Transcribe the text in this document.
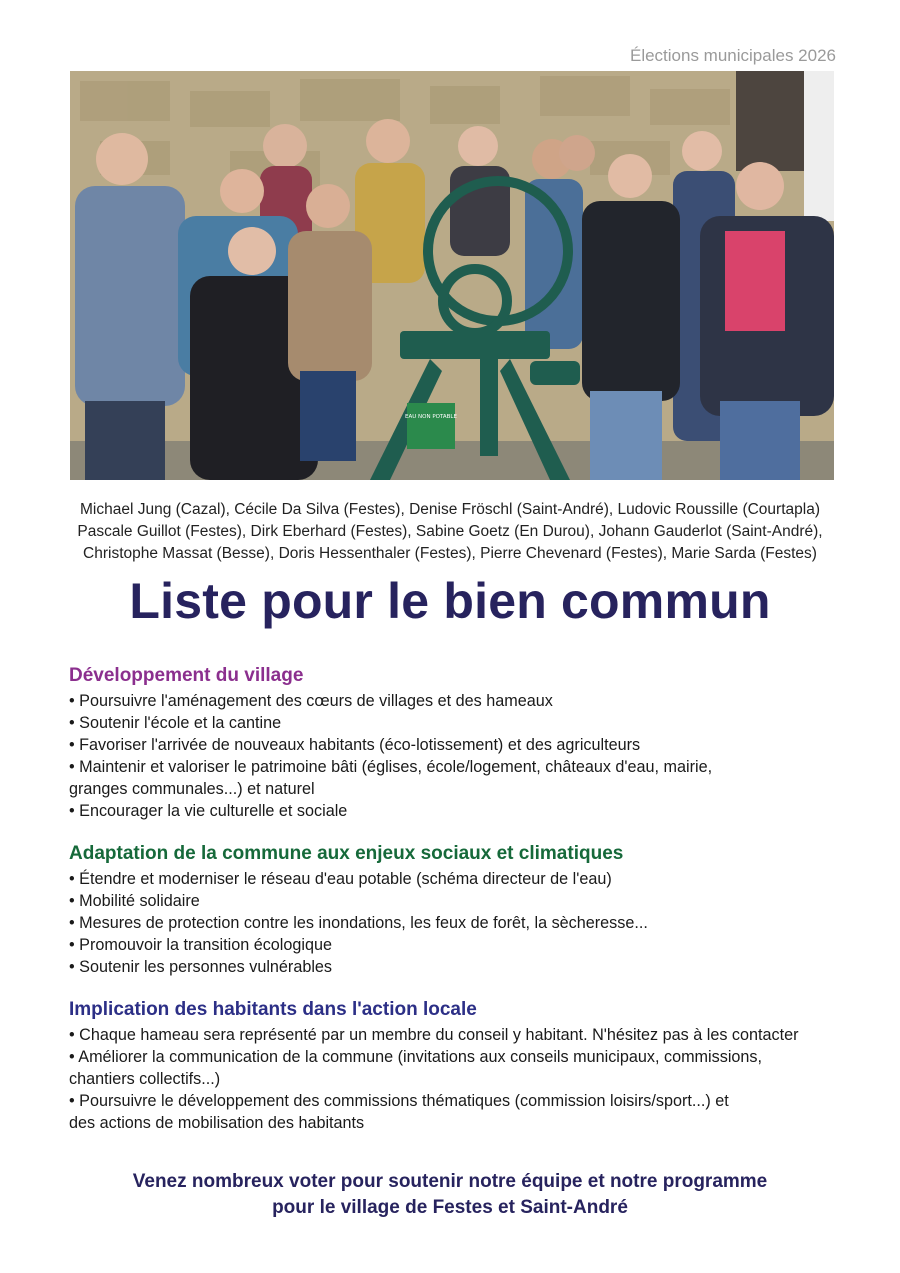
Élections municipales 2026
EAU NON POTABLE
Michael Jung (Cazal), Cécile Da Silva (Festes), Denise Fröschl (Saint-André), Ludovic Roussille (Courtapla)
Pascale Guillot (Festes), Dirk Eberhard (Festes), Sabine Goetz (En Durou), Johann Gauderlot (Saint-André),
Christophe Massat (Besse), Doris Hessenthaler (Festes), Pierre Chevenard (Festes), Marie Sarda (Festes)
Liste pour le bien commun
Développement du village
• Poursuivre l'aménagement des cœurs de villages et des hameaux
• Soutenir l'école et la cantine
• Favoriser l'arrivée de nouveaux habitants (éco-lotissement) et des agriculteurs
• Maintenir et valoriser le patrimoine bâti (églises, école/logement, châteaux d'eau, mairie,
granges communales...) et naturel
• Encourager la vie culturelle et sociale
Adaptation de la commune aux enjeux sociaux et climatiques
• Étendre et moderniser le réseau d'eau potable (schéma directeur de l'eau)
• Mobilité solidaire
• Mesures de protection contre les inondations, les feux de forêt, la sècheresse...
• Promouvoir la transition écologique
• Soutenir les personnes vulnérables
Implication des habitants dans l'action locale
• Chaque hameau sera représenté par un membre du conseil y habitant. N'hésitez pas à les contacter
• Améliorer la communication de la commune (invitations aux conseils municipaux, commissions,
chantiers collectifs...)
• Poursuivre le développement des commissions thématiques (commission loisirs/sport...) et
des actions de mobilisation des habitants
Venez nombreux voter pour soutenir notre équipe et notre programme
pour le village de Festes et Saint-André
